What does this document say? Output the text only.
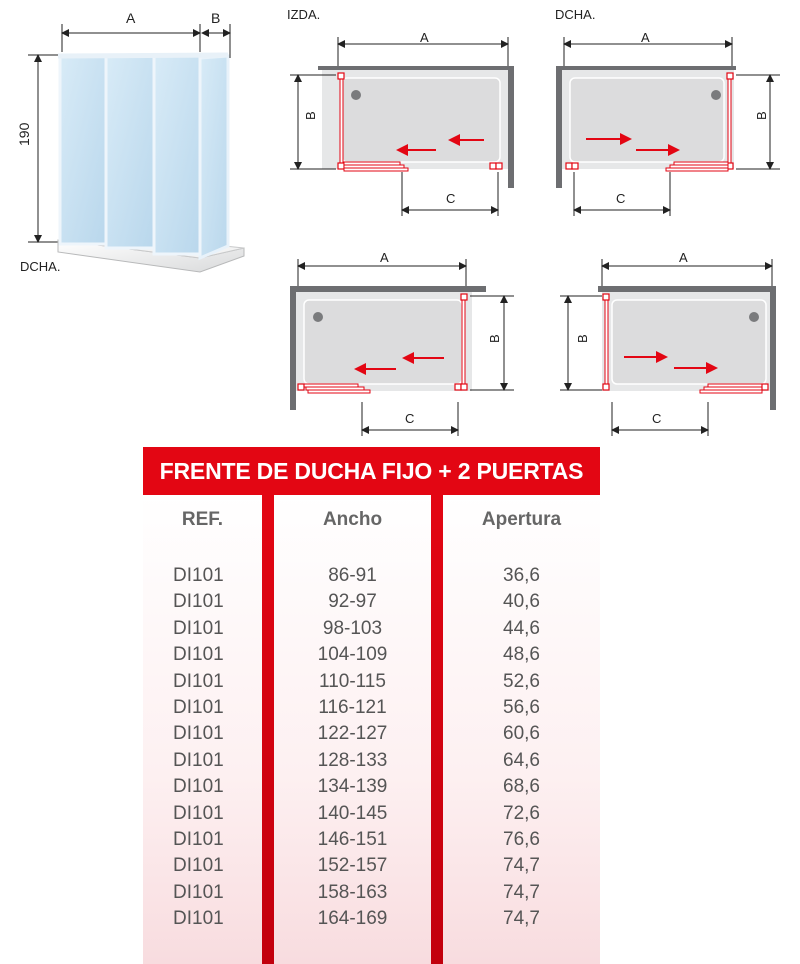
A	B
190
DCHA.
IZDA.
A
B
C
DCHA.
A
B
C
A
B
C
A
B
C
FRENTE DE DUCHA FIJO + 2 PUERTAS
REF.
DI101
DI101
DI101
DI101
DI101
DI101
DI101
DI101
DI101
DI101
DI101
DI101
DI101
DI101
Ancho
86-91
92-97
98-103
104-109
110-115
116-121
122-127
128-133
134-139
140-145
146-151
152-157
158-163
164-169
Apertura
36,6
40,6
44,6
48,6
52,6
56,6
60,6
64,6
68,6
72,6
76,6
74,7
74,7
74,7
